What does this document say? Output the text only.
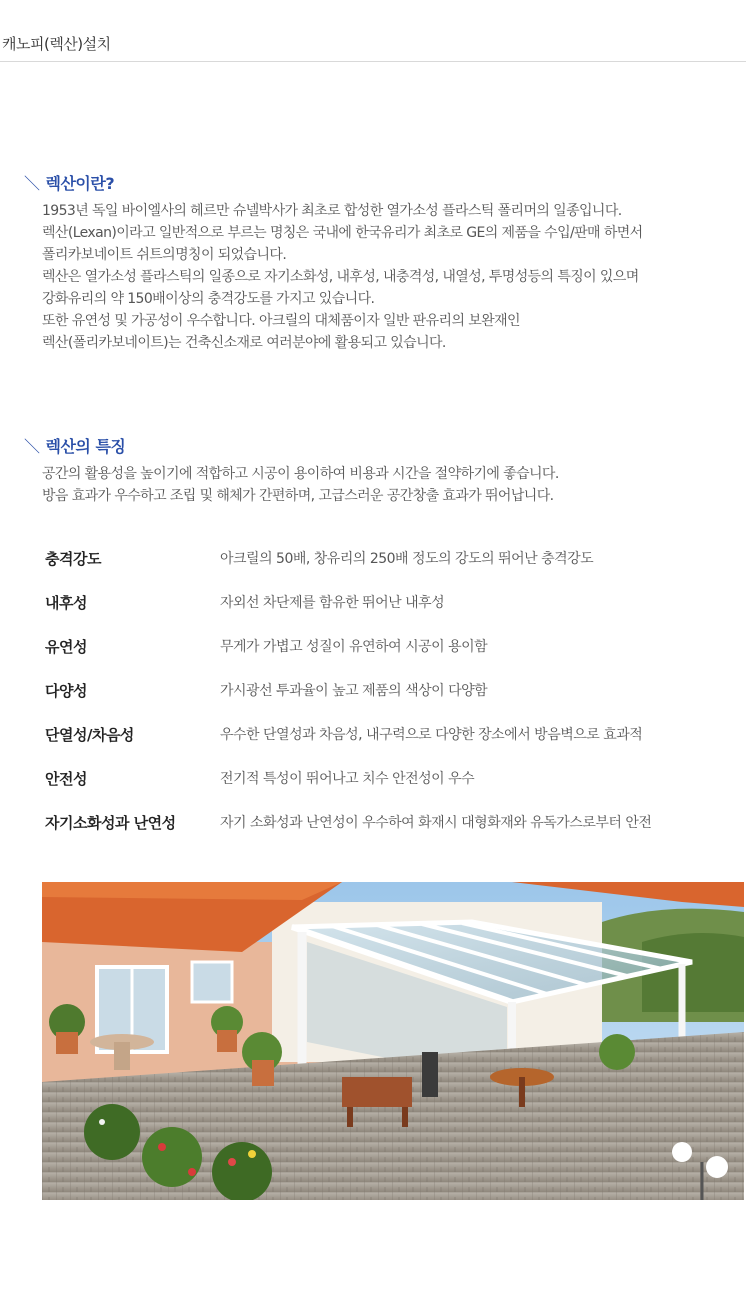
캐노피(렉산)설치
＼ 렉산이란?
1953년 독일 바이엘사의 헤르만 슈넬박사가 최초로 합성한 열가소성 플라스틱 폴리머의 일종입니다.
렉산(Lexan)이라고 일반적으로 부르는 명칭은 국내에 한국유리가 최초로 GE의 제품을 수입/판매 하면서
폴리카보네이트 쉬트의명칭이 되었습니다.
렉산은 열가소성 플라스틱의 일종으로 자기소화성, 내후성, 내충격성, 내열성, 투명성등의 특징이 있으며
강화유리의 약 150배이상의 충격강도를 가지고 있습니다.
또한 유연성 및 가공성이 우수합니다. 아크릴의 대체품이자 일반 판유리의 보완재인
렉산(폴리카보네이트)는 건축신소재로 여러분야에 활용되고 있습니다.
＼ 렉산의 특징
공간의 활용성을 높이기에 적합하고 시공이 용이하여 비용과 시간을 절약하기에 좋습니다.
방음 효과가 우수하고 조립 및 해체가 간편하며, 고급스러운 공간창출 효과가 뛰어납니다.
충격강도	아크릴의 50배, 창유리의 250배 정도의 강도의 뛰어난 충격강도
내후성	자외선 차단제를 함유한 뛰어난 내후성
유연성	무게가 가볍고 성질이 유연하여 시공이 용이함
다양성	가시광선 투과율이 높고 제품의 색상이 다양함
단열성/차음성	우수한 단열성과 차음성, 내구력으로 다양한 장소에서 방음벽으로 효과적
안전성	전기적 특성이 뛰어나고 치수 안전성이 우수
자기소화성과 난연성	자기 소화성과 난연성이 우수하여 화재시 대형화재와 유독가스로부터 안전
